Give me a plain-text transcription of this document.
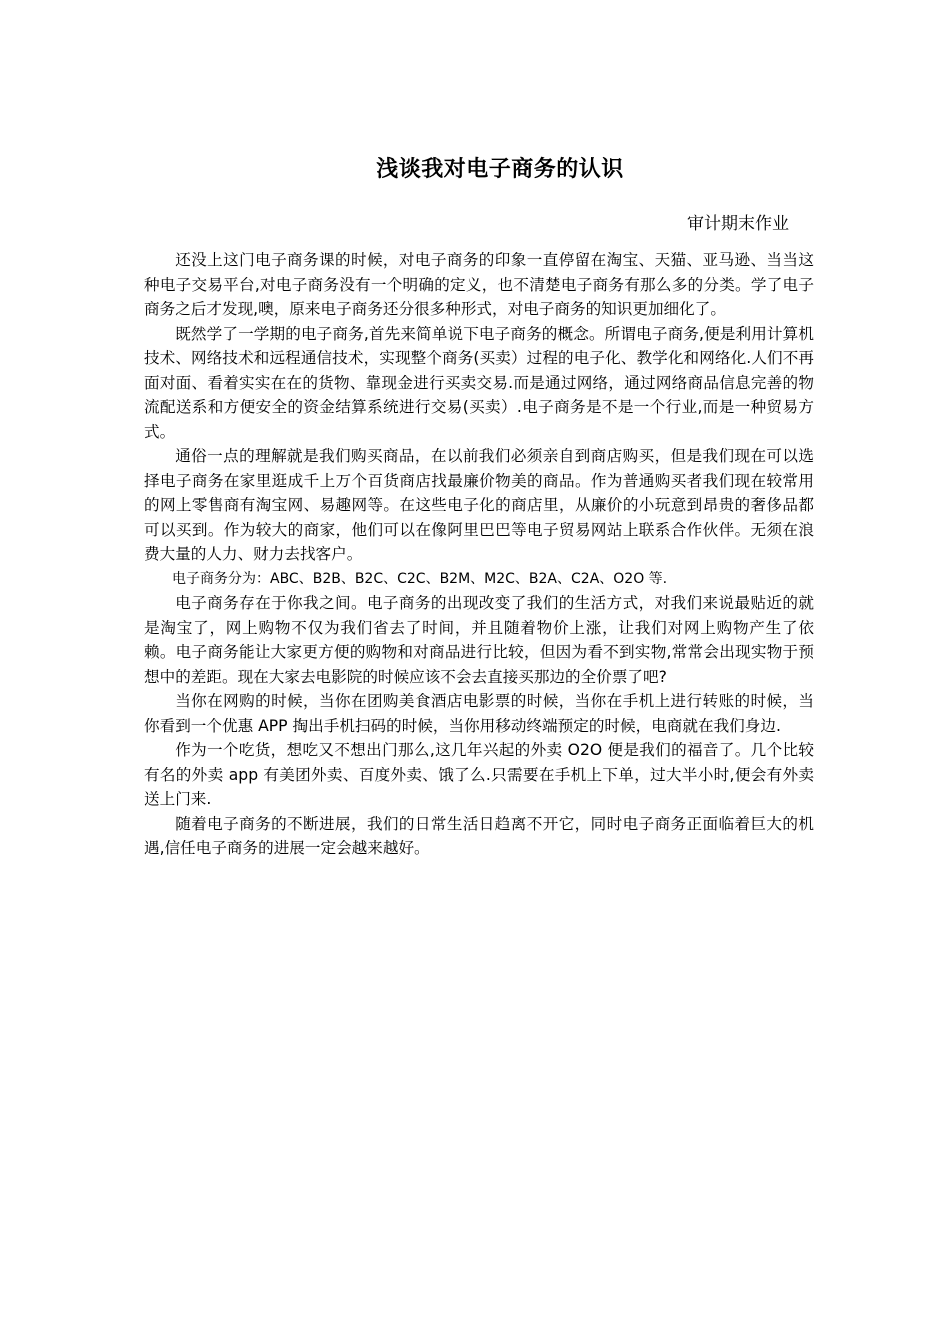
浅谈我对电子商务的认识
审计期末作业

还没上这门电子商务课的时候，对电子商务的印象一直停留在淘宝、天猫、亚马逊、当当这种电子交易平台,对电子商务没有一个明确的定义，也不清楚电子商务有那么多的分类。学了电子商务之后才发现,噢，原来电子商务还分很多种形式，对电子商务的知识更加细化了。

既然学了一学期的电子商务,首先来简单说下电子商务的概念。所谓电子商务,便是利用计算机技术、网络技术和远程通信技术，实现整个商务(买卖）过程的电子化、教学化和网络化.人们不再面对面、看着实实在在的货物、靠现金进行买卖交易.而是通过网络，通过网络商品信息完善的物流配送系和方便安全的资金结算系统进行交易(买卖）.电子商务是不是一个行业,而是一种贸易方式。

通俗一点的理解就是我们购买商品，在以前我们必须亲自到商店购买，但是我们现在可以选择电子商务在家里逛成千上万个百货商店找最廉价物美的商品。作为普通购买者我们现在较常用的网上零售商有淘宝网、易趣网等。在这些电子化的商店里，从廉价的小玩意到昂贵的奢侈品都可以买到。作为较大的商家，他们可以在像阿里巴巴等电子贸易网站上联系合作伙伴。无须在浪费大量的人力、财力去找客户。

电子商务分为：ABC、B2B、B2C、C2C、B2M、M2C、B2A、C2A、O2O 等.

电子商务存在于你我之间。电子商务的出现改变了我们的生活方式，对我们来说最贴近的就是淘宝了，网上购物不仅为我们省去了时间，并且随着物价上涨，让我们对网上购物产生了依赖。电子商务能让大家更方便的购物和对商品进行比较，但因为看不到实物,常常会出现实物于预想中的差距。现在大家去电影院的时候应该不会去直接买那边的全价票了吧?

当你在网购的时候，当你在团购美食酒店电影票的时候，当你在手机上进行转账的时候，当你看到一个优惠 APP 掏出手机扫码的时候，当你用移动终端预定的时候，电商就在我们身边.

作为一个吃货，想吃又不想出门那么,这几年兴起的外卖 O2O 便是我们的福音了。几个比较有名的外卖 app 有美团外卖、百度外卖、饿了么.只需要在手机上下单，过大半小时,便会有外卖送上门来.

随着电子商务的不断进展，我们的日常生活日趋离不开它，同时电子商务正面临着巨大的机遇,信任电子商务的进展一定会越来越好。
